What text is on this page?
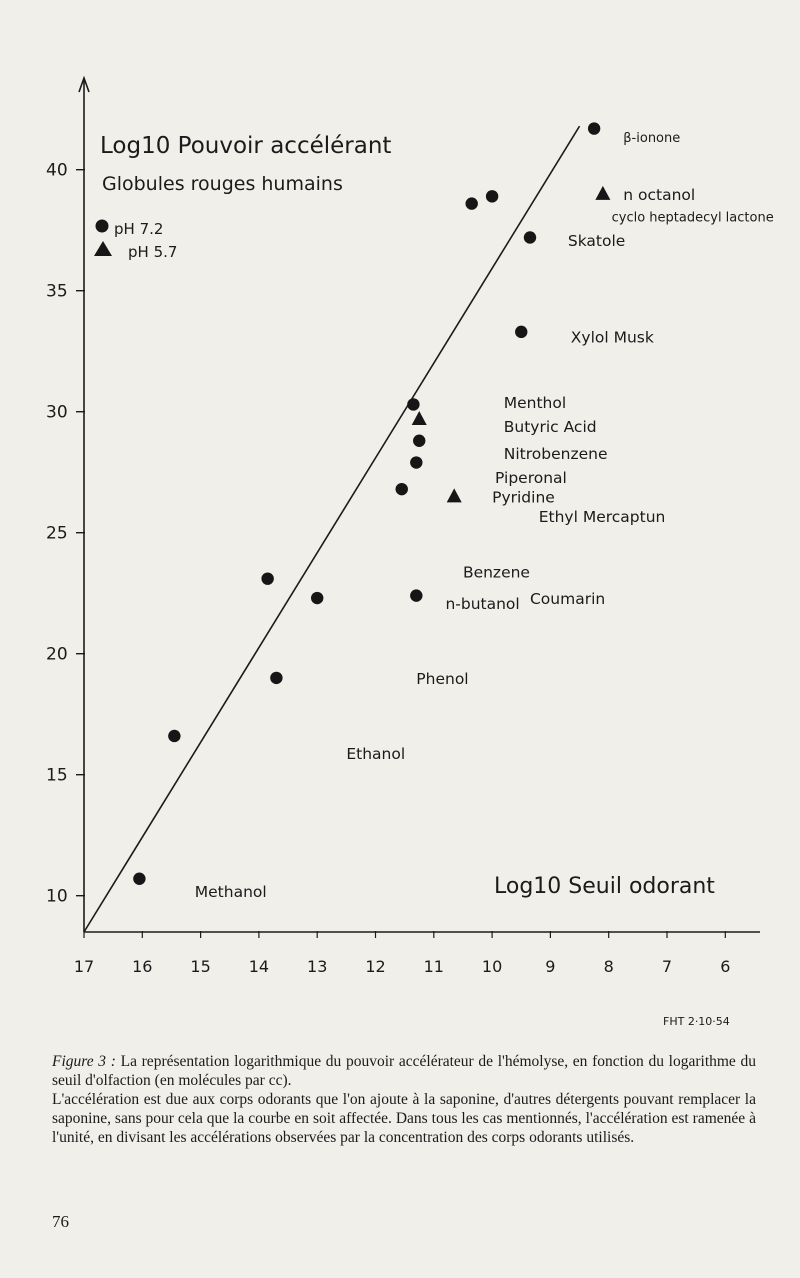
10
15
20
25
30
35
40
17 16 15 14 13 12 11 10	9	8	7	6
β-ionone
n octanol
cyclo heptadecyl lactone
Skatole
Xylol Musk
Menthol
Butyric Acid
Nitrobenzene
Piperonal
Pyridine
Ethyl Mercaptun
Benzene
n-butanol Coumarin
Phenol
Ethanol
Methanol
Log10 Pouvoir accélérant
Globules rouges humains
pH 7.2
pH 5.7
Log10 Seuil odorant
FHT 2·10·54

Figure 3 : La représentation logarithmique du pouvoir accélérateur de l'hémolyse, en fonction du logarithme du seuil d'olfaction (en molécules par cc).

L'accélération est due aux corps odorants que l'on ajoute à la saponine, d'autres détergents pouvant remplacer la saponine, sans pour cela que la courbe en soit affectée. Dans tous les cas mentionnés, l'accélération est ramenée à l'unité, en divisant les accélérations observées par la concentration des corps odorants utilisés.

76
